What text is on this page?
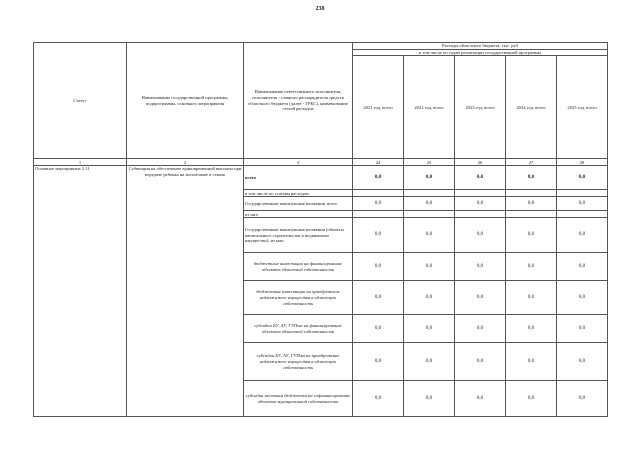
238
Статус	Наименование государственной программы, подпрограммы, основного мероприятия	Наименование ответственного исполнителя, исполнителя - главного распорядителя средств областного бюджета (далее - ГРБС), наименование статей расходов	Расходы областного бюджета, тыс. руб				
			в том числе по годам реализации государственной программы				
			2021 год, всего	2022 год, всего	2023 год, всего	2024 год, всего	2025 год, всего
1	2	3	24	25	26	27	28
Основное мероприятие 2.11	Субвенция на обеспечение единовременной выплаты при передаче ребенка на воспитание в семью	всего	0,0	0,0	0,0	0,0	0,0
		в том числе по статьям расходов:					
		Государственные капитальные вложения, всего	0,0	0,0	0,0	0,0	0,0
		из них:					
		Государственные капитальные вложения (объекты капитального строительства в недвижимое имущество), из них:	0,0	0,0	0,0	0,0	0,0
		бюджетные инвестиции на финансирование объектов областной собственности	0,0	0,0	0,0	0,0	0,0
		бюджетные инвестиции на приобретение недвижимого имущества в областную собственность	0,0	0,0	0,0	0,0	0,0
		субсидии БУ, АУ, ГУПам на финансирование объектов областной собственности	0,0	0,0	0,0	0,0	0,0
		субсидии БУ, АУ, ГУПам на приобретение недвижимого имущества в областную собственность	0,0	0,0	0,0	0,0	0,0
		субсидии местным бюджетам на софинансирование объектов муниципальной собственности	0,0	0,0	0,0	0,0	0,0
